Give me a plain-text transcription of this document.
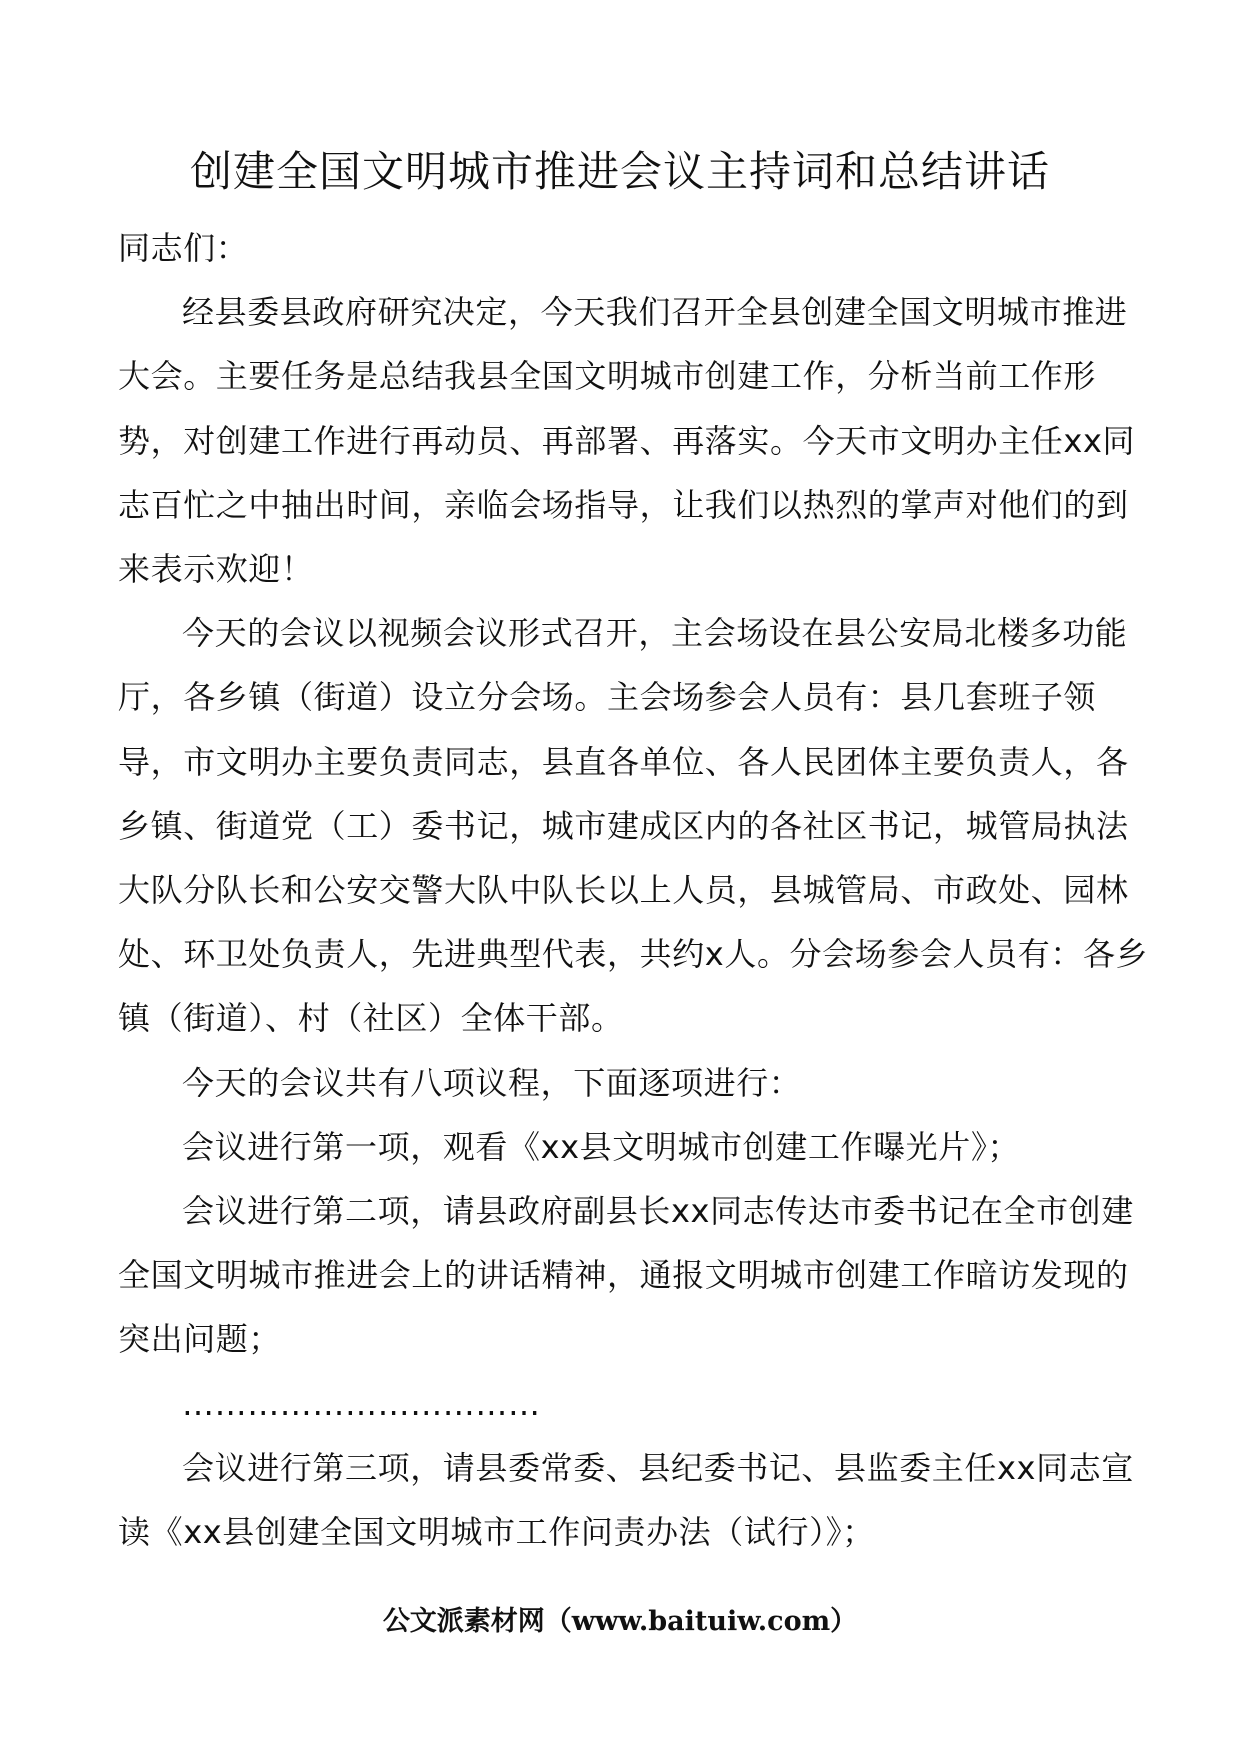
创建全国文明城市推进会议主持词和总结讲话

同志们：

经县委县政府研究决定，今天我们召开全县创建全国文明城市推进大会。主要任务是总结我县全国文明城市创建工作，分析当前工作形势，对创建工作进行再动员、再部署、再落实。今天市文明办主任xx同志百忙之中抽出时间，亲临会场指导，让我们以热烈的掌声对他们的到来表示欢迎！

今天的会议以视频会议形式召开，主会场设在县公安局北楼多功能厅，各乡镇（街道）设立分会场。主会场参会人员有：县几套班子领导，市文明办主要负责同志，县直各单位、各人民团体主要负责人，各乡镇、街道党（工）委书记，城市建成区内的各社区书记，城管局执法大队分队长和公安交警大队中队长以上人员，县城管局、市政处、园林处、环卫处负责人，先进典型代表，共约x人。分会场参会人员有：各乡镇（街道）、村（社区）全体干部。

今天的会议共有八项议程，下面逐项进行：

会议进行第一项，观看《xx县文明城市创建工作曝光片》；

会议进行第二项，请县政府副县长xx同志传达市委书记在全市创建全国文明城市推进会上的讲话精神，通报文明城市创建工作暗访发现的突出问题；

……………………………

会议进行第三项，请县委常委、县纪委书记、县监委主任xx同志宣读《xx县创建全国文明城市工作问责办法（试行）》；

公文派素材网（www.baituiw.com）
